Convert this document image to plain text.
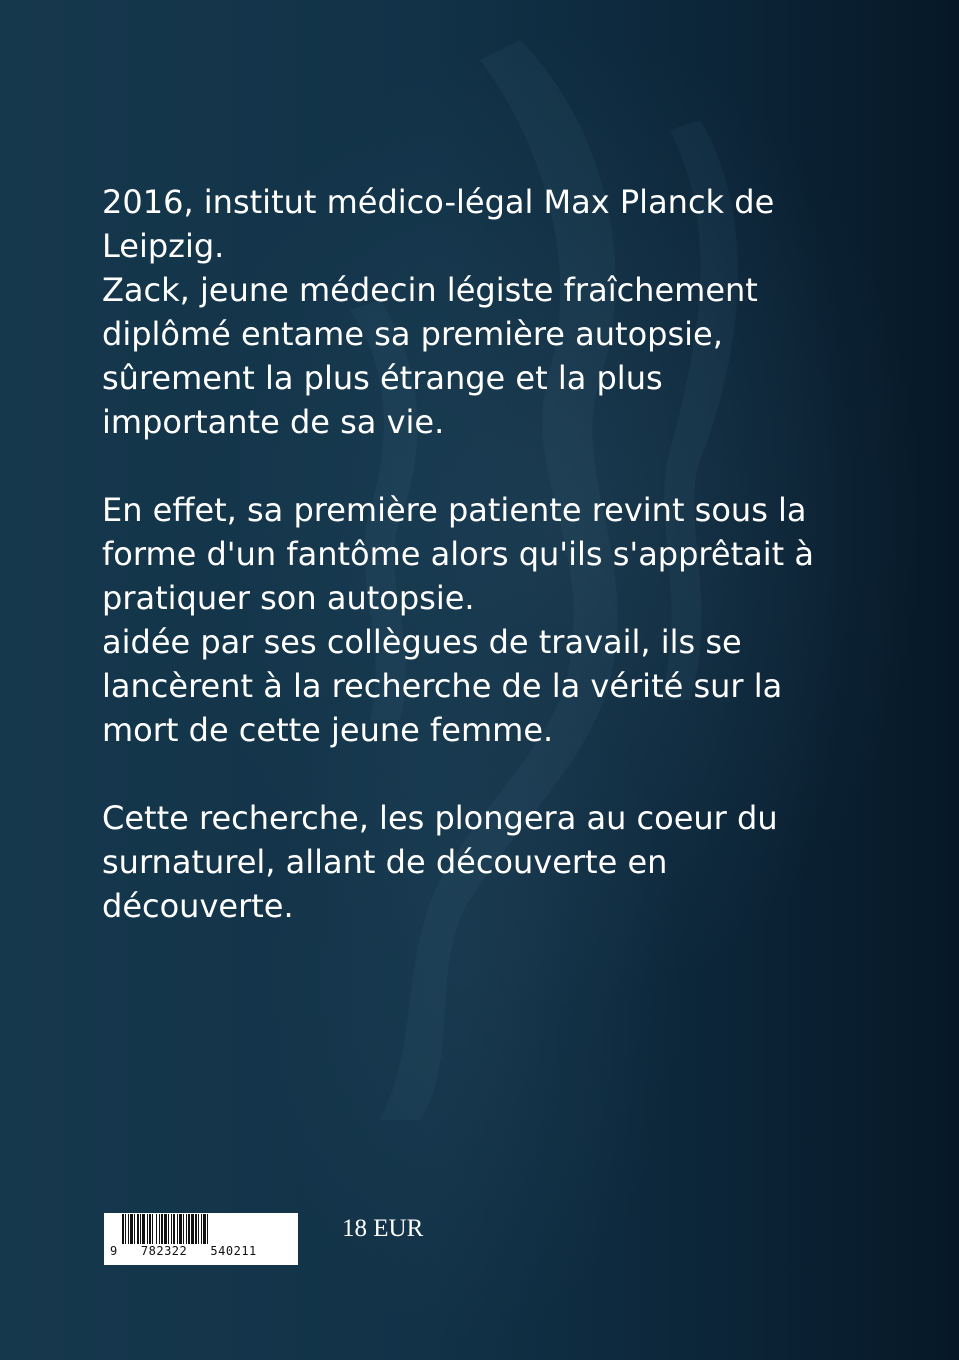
2016, institut médico-légal Max Planck de
Leipzig.
Zack, jeune médecin légiste fraîchement
diplômé entame sa première autopsie,
sûrement la plus étrange et la plus
importante de sa vie.

En effet, sa première patiente revint sous la
forme d'un fantôme alors qu'ils s'apprêtait à
pratiquer son autopsie.
aidée par ses collègues de travail, ils se
lancèrent à la recherche de la vérité sur la
mort de cette jeune femme.

Cette recherche, les plongera au coeur du
surnaturel, allant de découverte en
découverte.

9   782322   540211
18 EUR
